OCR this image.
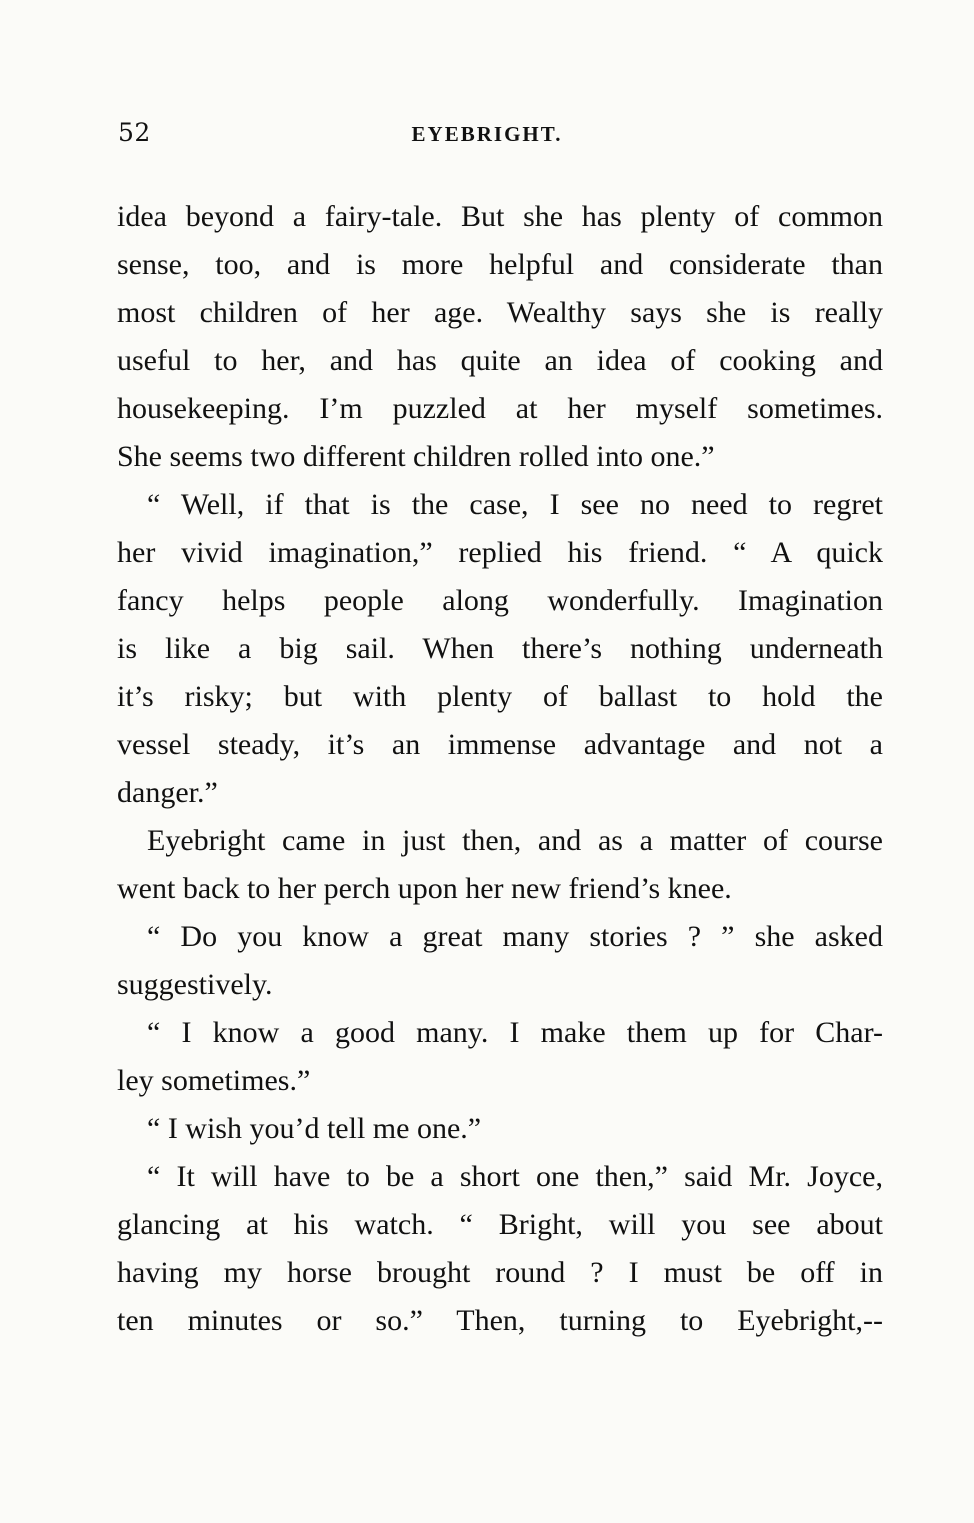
52	EYEBRIGHT.
idea beyond a fairy-tale. But she has plenty of common
sense, too, and is more helpful and considerate than
most children of her age. Wealthy says she is really
useful to her, and has quite an idea of cooking and
housekeeping. I’m puzzled at her myself sometimes.
She seems two different children rolled into one.”
“ Well, if that is the case, I see no need to regret
her vivid imagination,” replied his friend. “ A quick
fancy helps people along wonderfully. Imagination
is like a big sail. When there’s nothing underneath
it’s risky; but with plenty of ballast to hold the
vessel steady, it’s an immense advantage and not a
danger.”
Eyebright came in just then, and as a matter of course
went back to her perch upon her new friend’s knee.
“ Do you know a great many stories ? ” she asked
suggestively.
“ I know a good many. I make them up for Char-
ley sometimes.”
“ I wish you’d tell me one.”
“ It will have to be a short one then,” said Mr. Joyce,
glancing at his watch. “ Bright, will you see about
having my horse brought round ? I must be off in
ten minutes or so.” Then, turning to Eyebright,--
